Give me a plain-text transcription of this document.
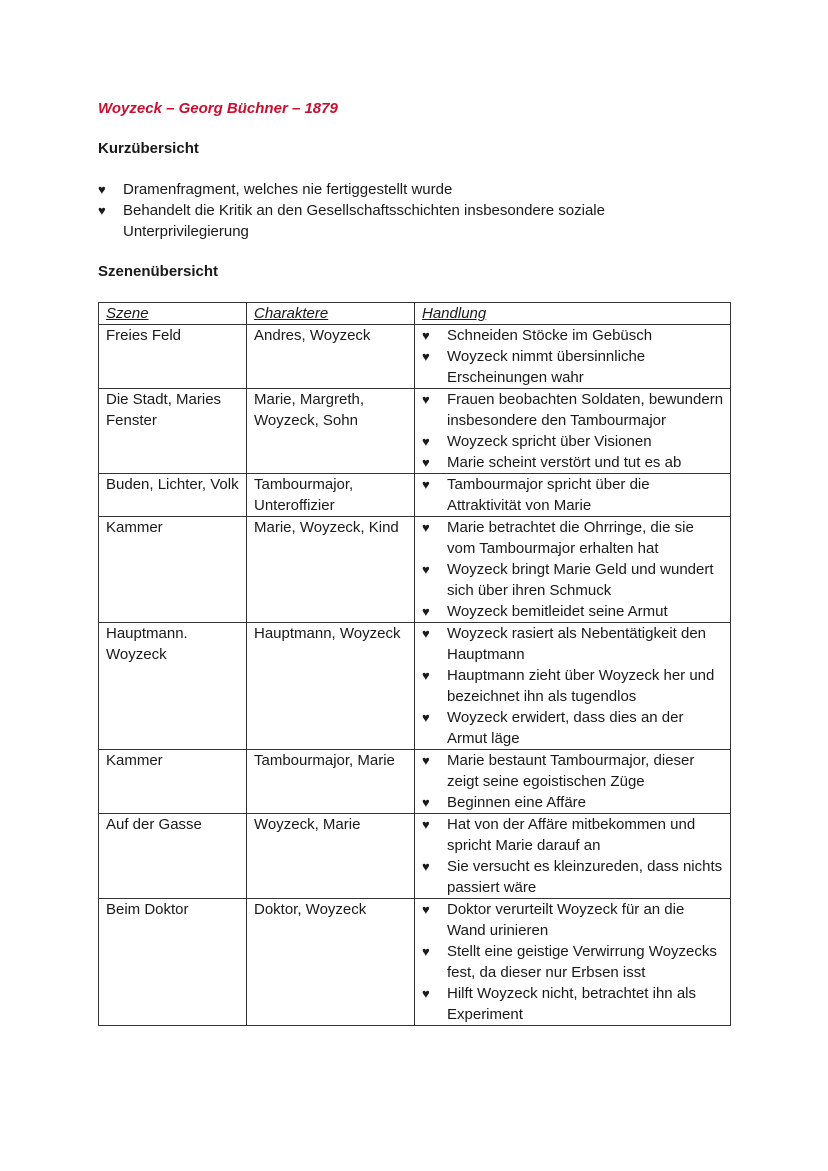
Woyzeck – Georg Büchner – 1879
Kurzübersicht
♥ Dramenfragment, welches nie fertiggestellt wurde
♥ Behandelt die Kritik an den Gesellschaftsschichten insbesondere soziale Unterprivilegierung
Szenenübersicht
Szene	Charaktere	Handlung
Freies Feld	Andres, Woyzeck	♥ Schneiden Stöcke im Gebüsch
♥ Woyzeck nimmt übersinnliche Erscheinungen wahr

Die Stadt, Maries Fenster	Marie, Margreth, Woyzeck, Sohn	
♥ Frauen beobachten Soldaten, bewundern insbesondere den Tambourmajor
♥ Woyzeck spricht über Visionen
♥ Marie scheint verstört und tut es ab

Buden, Lichter, Volk	Tambourmajor, Unteroffizier	
♥ Tambourmajor spricht über die Attraktivität von Marie

Kammer	Marie, Woyzeck, Kind	♥ Marie betrachtet die Ohrringe, die sie vom Tambourmajor erhalten hat
♥ Woyzeck bringt Marie Geld und wundert sich über ihren Schmuck
♥ Woyzeck bemitleidet seine Armut

Hauptmann. Woyzeck	Hauptmann, Woyzeck	♥ Woyzeck rasiert als Nebentätigkeit den Hauptmann
♥ Hauptmann zieht über Woyzeck her und bezeichnet ihn als tugendlos
♥ Woyzeck erwidert, dass dies an der Armut läge

Kammer	Tambourmajor, Marie	♥ Marie bestaunt Tambourmajor, dieser zeigt seine egoistischen Züge
♥ Beginnen eine Affäre

Auf der Gasse	Woyzeck, Marie	♥ Hat von der Affäre mitbekommen und spricht Marie darauf an
♥ Sie versucht es kleinzureden, dass nichts passiert wäre

Beim Doktor	Doktor, Woyzeck	♥ Doktor verurteilt Woyzeck für an die Wand urinieren
♥ Stellt eine geistige Verwirrung Woyzecks fest, da dieser nur Erbsen isst
♥ Hilft Woyzeck nicht, betrachtet ihn als Experiment
